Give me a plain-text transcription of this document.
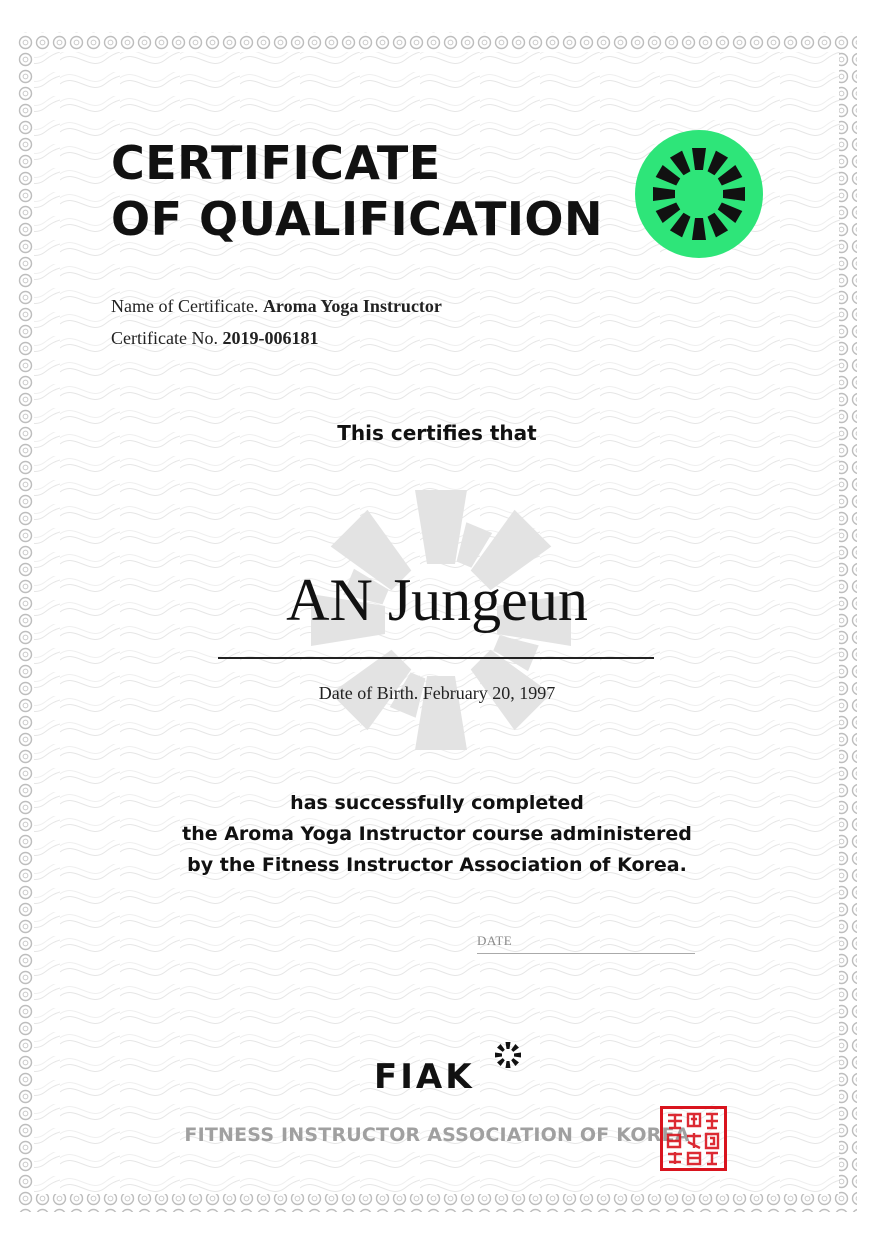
CERTIFICATE
OF QUALIFICATION
Name of Certificate. Aroma Yoga Instructor
Certificate No. 2019-006181
This certifies that
AN Jungeun
Date of Birth. February 20, 1997
has successfully completed
the Aroma Yoga Instructor course administered
by the Fitness Instructor Association of Korea.
DATE
FIAK
FITNESS INSTRUCTOR ASSOCIATION OF KOREA
